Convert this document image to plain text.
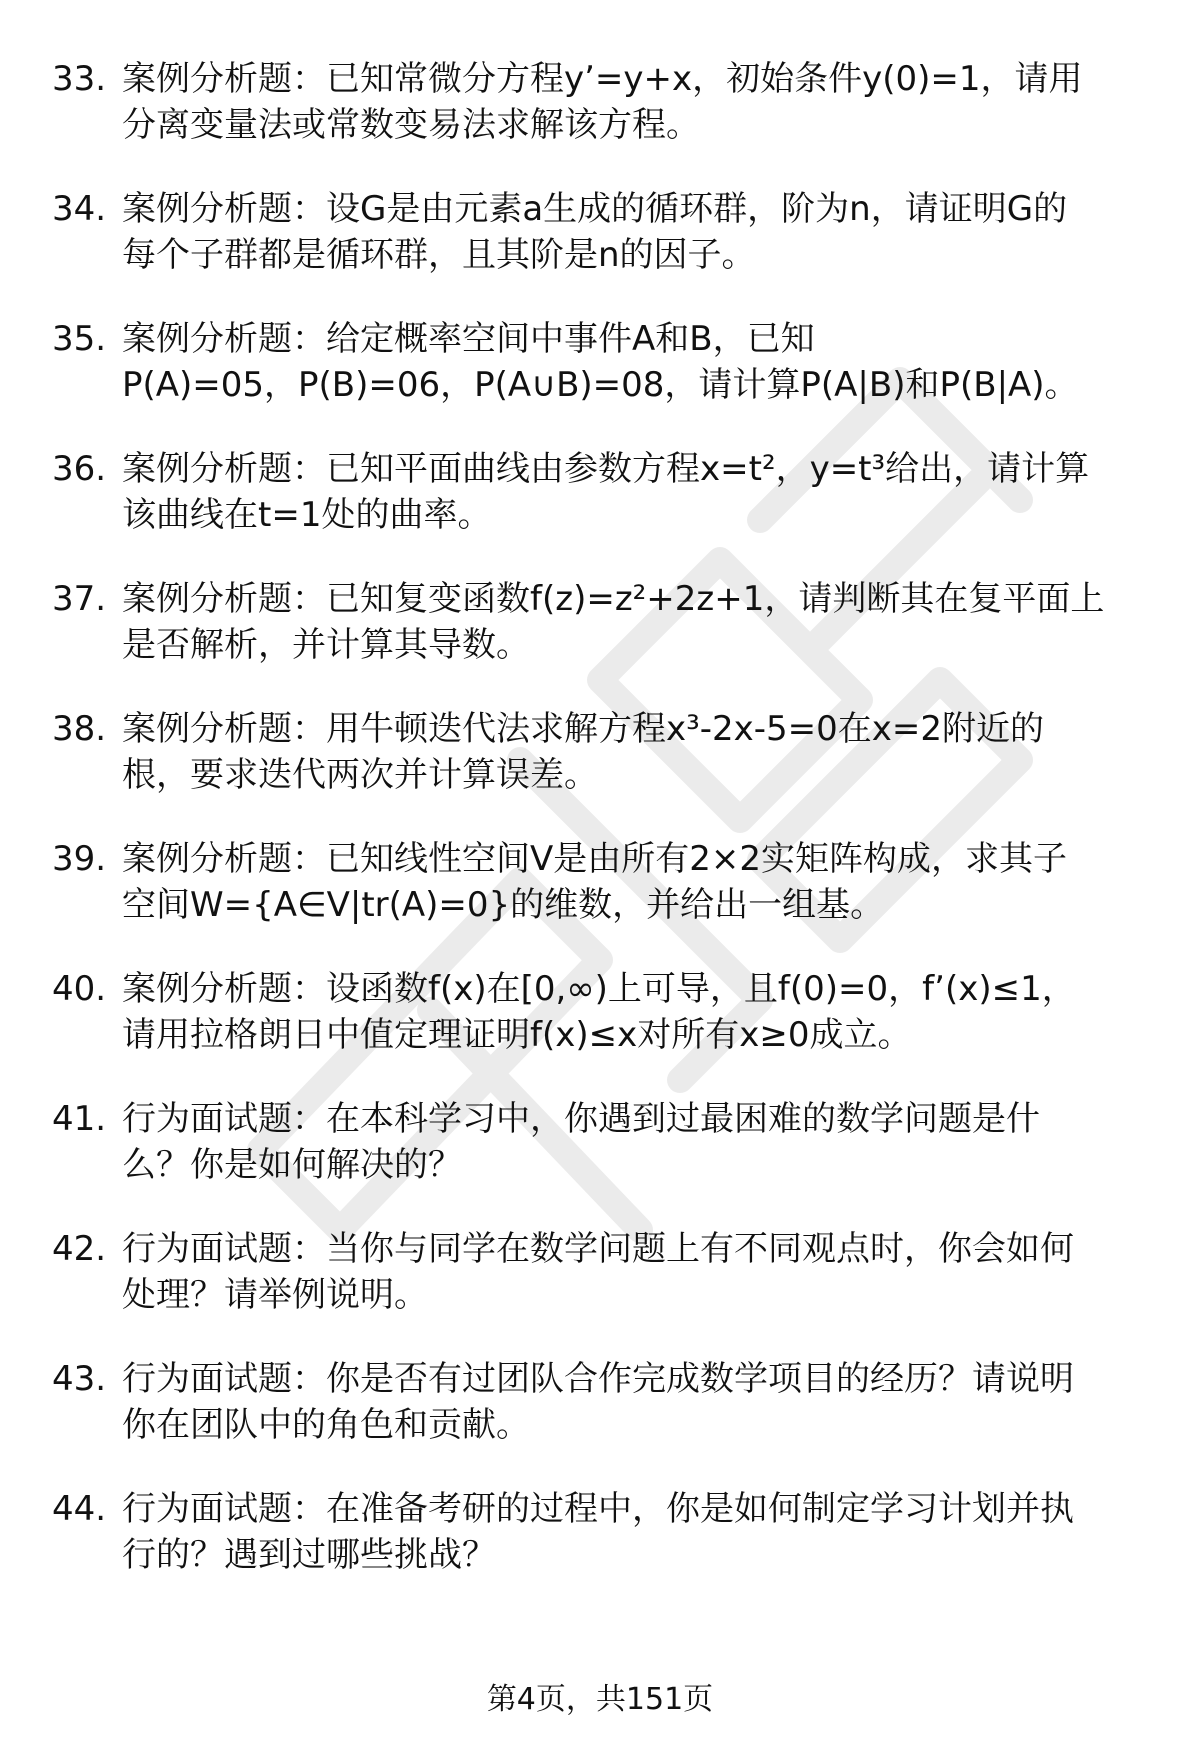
33. 案例分析题：已知常微分方程y’=y+x，初始条件y(0)=1，请用
分离变量法或常数变易法求解该方程。
34. 案例分析题：设G是由元素a生成的循环群，阶为n，请证明G的
每个子群都是循环群，且其阶是n的因子。
35. 案例分析题：给定概率空间中事件A和B，已知
P(A)=05，P(B)=06，P(A∪B)=08，请计算P(A|B)和P(B|A)。
36. 案例分析题：已知平面曲线由参数方程x=t²，y=t³给出，请计算
该曲线在t=1处的曲率。
37. 案例分析题：已知复变函数f(z)=z²+2z+1，请判断其在复平面上
是否解析，并计算其导数。
38. 案例分析题：用牛顿迭代法求解方程x³-2x-5=0在x=2附近的
根，要求迭代两次并计算误差。
39. 案例分析题：已知线性空间V是由所有2×2实矩阵构成，求其子
空间W={A∈V|tr(A)=0}的维数，并给出一组基。
40. 案例分析题：设函数f(x)在[0,∞)上可导，且f(0)=0，f’(x)≤1，
请用拉格朗日中值定理证明f(x)≤x对所有x≥0成立。
41. 行为面试题：在本科学习中，你遇到过最困难的数学问题是什
么？你是如何解决的？
42. 行为面试题：当你与同学在数学问题上有不同观点时，你会如何
处理？请举例说明。
43. 行为面试题：你是否有过团队合作完成数学项目的经历？请说明
你在团队中的角色和贡献。
44. 行为面试题：在准备考研的过程中，你是如何制定学习计划并执
行的？遇到过哪些挑战？
第4页，共151页
